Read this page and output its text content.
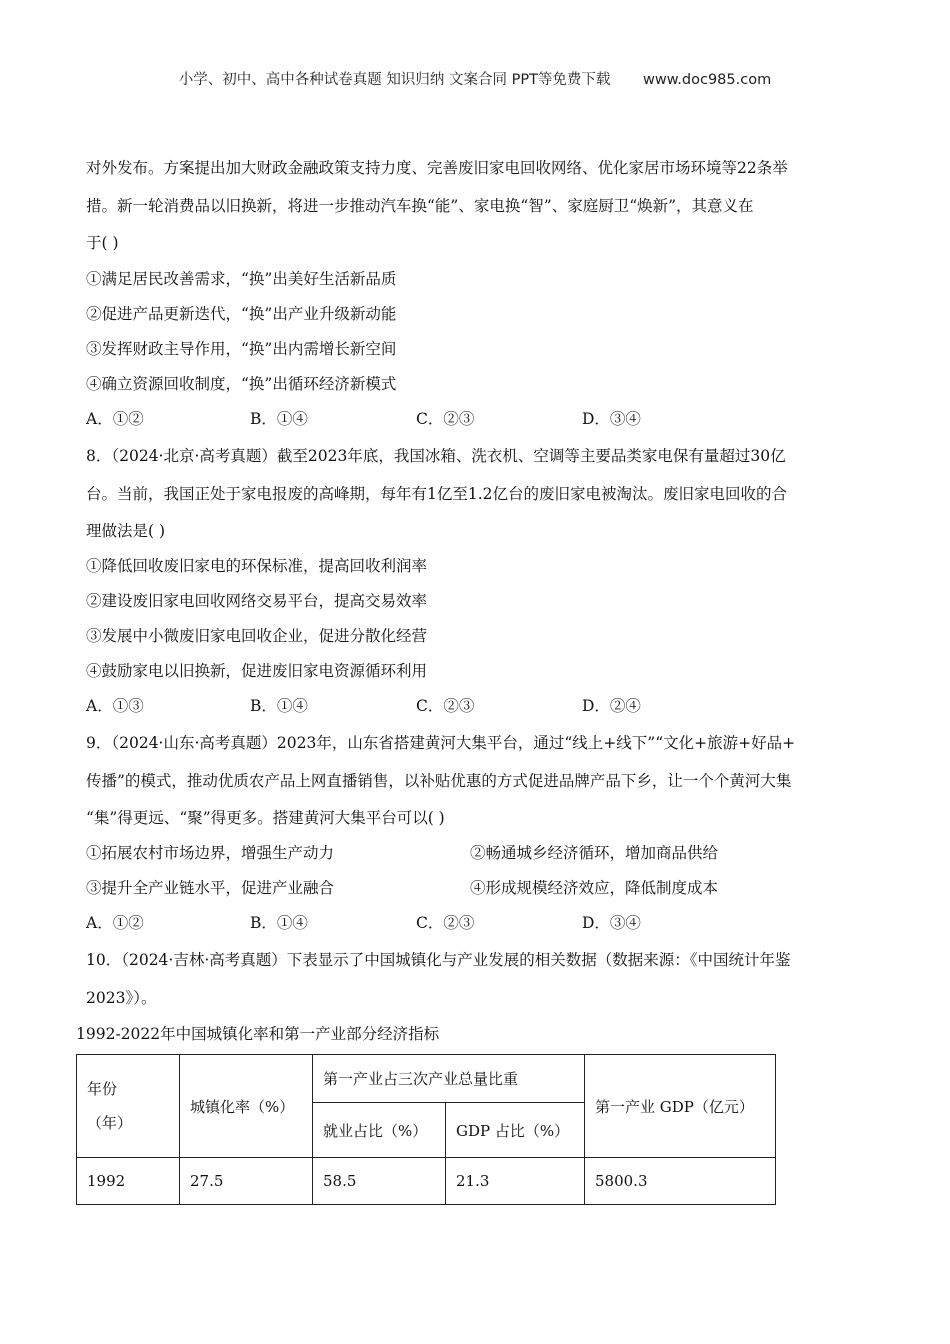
小学、初中、高中各种试卷真题 知识归纳 文案合同 PPT等免费下载 www.doc985.com
对外发布。方案提出加大财政金融政策支持力度、完善废旧家电回收网络、优化家居市场环境等22条举
措。新一轮消费品以旧换新，将进一步推动汽车换“能”、家电换“智”、家庭厨卫“焕新”，其意义在
于( )
①满足居民改善需求，“换”出美好生活新品质
②促进产品更新迭代，“换”出产业升级新动能
③发挥财政主导作用，“换”出内需增长新空间
④确立资源回收制度，“换”出循环经济新模式
A．①②	B．①④	C．②③	D．③④
8．（2024·北京·高考真题）截至2023年底，我国冰箱、洗衣机、空调等主要品类家电保有量超过30亿
台。当前，我国正处于家电报废的高峰期，每年有1亿至1.2亿台的废旧家电被淘汰。废旧家电回收的合
理做法是( )
①降低回收废旧家电的环保标准，提高回收利润率
②建设废旧家电回收网络交易平台，提高交易效率
③发展中小微废旧家电回收企业，促进分散化经营
④鼓励家电以旧换新，促进废旧家电资源循环利用
A．①③	B．①④	C．②③	D．②④
9．（2024·山东·高考真题）2023年，山东省搭建黄河大集平台，通过“线上+线下”“文化+旅游+好品+
传播”的模式，推动优质农产品上网直播销售，以补贴优惠的方式促进品牌产品下乡，让一个个黄河大集
“集”得更远、“聚”得更多。搭建黄河大集平台可以( )
①拓展农村市场边界，增强生产动力	②畅通城乡经济循环，增加商品供给
③提升全产业链水平，促进产业融合	④形成规模经济效应，降低制度成本
A．①②	B．①④	C．②③	D．③④
10．（2024·吉林·高考真题）下表显示了中国城镇化与产业发展的相关数据（数据来源：《中国统计年鉴
2023》）。
1992-2022年中国城镇化率和第一产业部分经济指标
年份
（年）	城镇化率（%）	第一产业占三次产业总量比重		第一产业 GDP（亿元）
		就业占比（%）	GDP 占比（%）	
1992	27.5	58.5	21.3	5800.3
